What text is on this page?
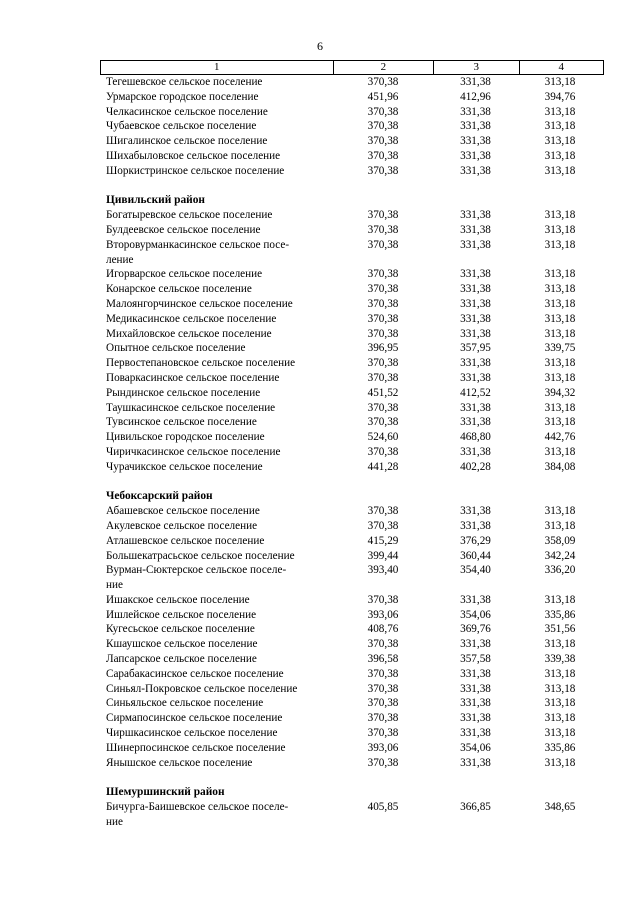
6
1	2	3	4
Тегешевское сельское поселение	370,38	331,38	313,18
Урмарское городское поселение	451,96	412,96	394,76
Челкасинское сельское поселение	370,38	331,38	313,18
Чубаевское сельское поселение	370,38	331,38	313,18
Шигалинское сельское поселение	370,38	331,38	313,18
Шихабыловское сельское поселение	370,38	331,38	313,18
Шоркистринское сельское поселение	370,38	331,38	313,18
Цивильский район
Богатыревское сельское поселение	370,38	331,38	313,18
Булдеевское сельское поселение	370,38	331,38	313,18
Второвурманкасинское сельское посе-
ление
370,38	331,38	313,18
Игорварское сельское поселение	370,38	331,38	313,18
Конарское сельское поселение	370,38	331,38	313,18
Малоянгорчинское сельское поселение	370,38	331,38	313,18
Медикасинское сельское поселение	370,38	331,38	313,18
Михайловское сельское поселение	370,38	331,38	313,18
Опытное сельское поселение	396,95	357,95	339,75
Первостепановское сельское поселение	370,38	331,38	313,18
Поваркасинское сельское поселение	370,38	331,38	313,18
Рындинское сельское поселение	451,52	412,52	394,32
Таушкасинское сельское поселение	370,38	331,38	313,18
Тувсинское сельское поселение	370,38	331,38	313,18
Цивильское городское поселение	524,60	468,80	442,76
Чиричкасинское сельское поселение	370,38	331,38	313,18
Чурачикское сельское поселение	441,28	402,28	384,08
Чебоксарский район
Абашевское сельское поселение	370,38	331,38	313,18
Акулевское сельское поселение	370,38	331,38	313,18
Атлашевское сельское поселение	415,29	376,29	358,09
Большекатрасьское сельское поселение	399,44	360,44	342,24
Вурман-Сюктерское сельское поселе-
ние
393,40	354,40	336,20
Ишакское сельское поселение	370,38	331,38	313,18
Ишлейское сельское поселение	393,06	354,06	335,86
Кугесьское сельское поселение	408,76	369,76	351,56
Кшаушское сельское поселение	370,38	331,38	313,18
Лапсарское сельское поселение	396,58	357,58	339,38
Сарабакасинское сельское поселение	370,38	331,38	313,18
Синьял-Покровское сельское поселение	370,38	331,38	313,18
Синьяльское сельское поселение	370,38	331,38	313,18
Сирмапосинское сельское поселение	370,38	331,38	313,18
Чиршкасинское сельское поселение	370,38	331,38	313,18
Шинерпосинское сельское поселение	393,06	354,06	335,86
Янышское сельское поселение	370,38	331,38	313,18
Шемуршинский район
Бичурга-Баишевское сельское поселе-
ние
405,85	366,85	348,65
